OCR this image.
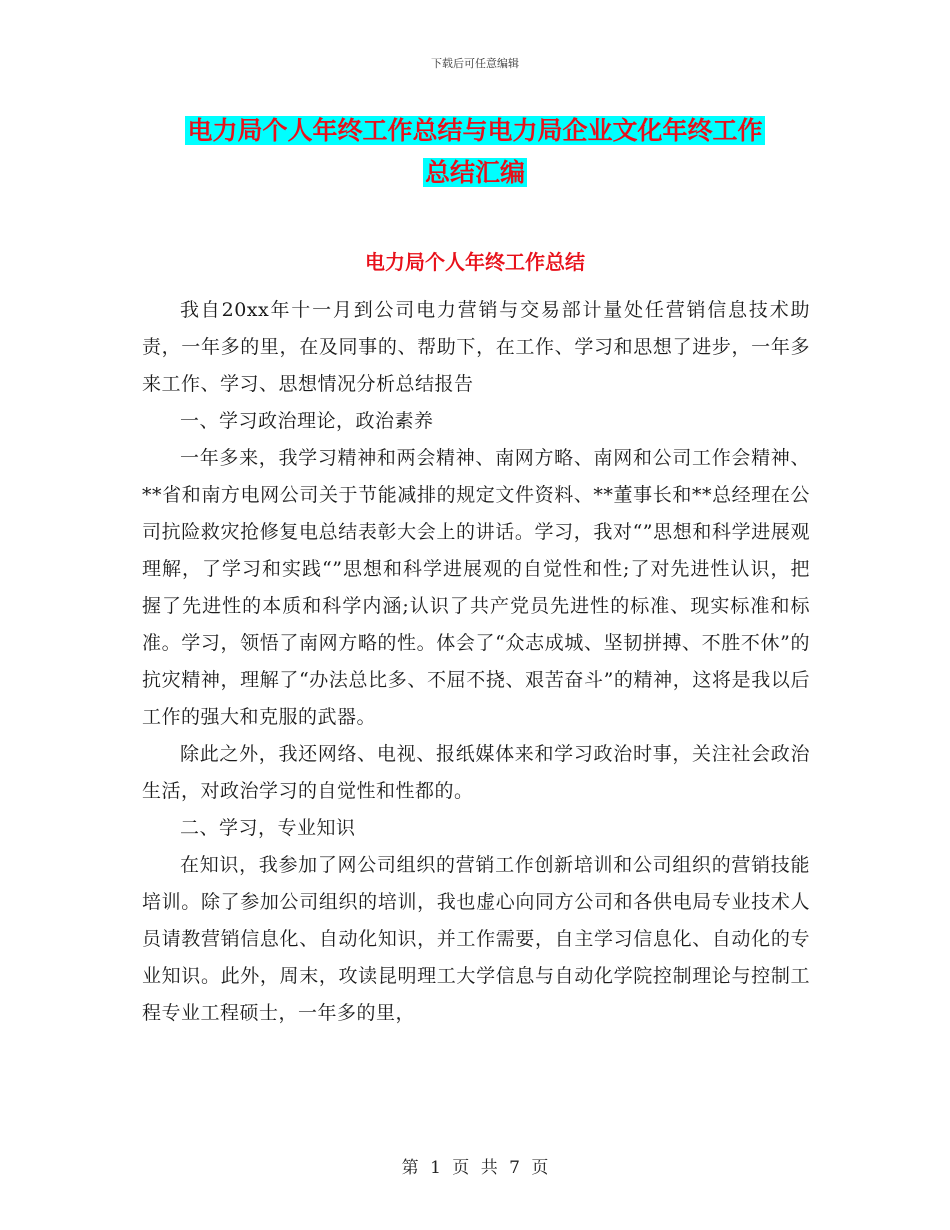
下载后可任意编辑
电力局个人年终工作总结与电力局企业文化年终工作
总结汇编
电力局个人年终工作总结

我自20xx年十一月到公司电力营销与交易部计量处任营销信息技术助责，一年多的里，在及同事的、帮助下，在工作、学习和思想了进步，一年多来工作、学习、思想情况分析总结报告

一、学习政治理论，政治素养

一年多来，我学习精神和两会精神、南网方略、南网和公司工作会精神、**省和南方电网公司关于节能减排的规定文件资料、**董事长和**总经理在公司抗险救灾抢修复电总结表彰大会上的讲话。学习，我对“”思想和科学进展观理解，了学习和实践“”思想和科学进展观的自觉性和性;了对先进性认识，把握了先进性的本质和科学内涵;认识了共产党员先进性的标准、现实标准和标准。学习，领悟了南网方略的性。体会了“众志成城、坚韧拼搏、不胜不休”的抗灾精神，理解了“办法总比多、不屈不挠、艰苦奋斗”的精神，这将是我以后工作的强大和克服的武器。

除此之外，我还网络、电视、报纸媒体来和学习政治时事，关注社会政治生活，对政治学习的自觉性和性都的。

二、学习，专业知识

在知识，我参加了网公司组织的营销工作创新培训和公司组织的营销技能培训。除了参加公司组织的培训，我也虚心向同方公司和各供电局专业技术人员请教营销信息化、自动化知识，并工作需要，自主学习信息化、自动化的专业知识。此外，周末，攻读昆明理工大学信息与自动化学院控制理论与控制工程专业工程硕士，一年多的里，

第 1 页 共 7 页
